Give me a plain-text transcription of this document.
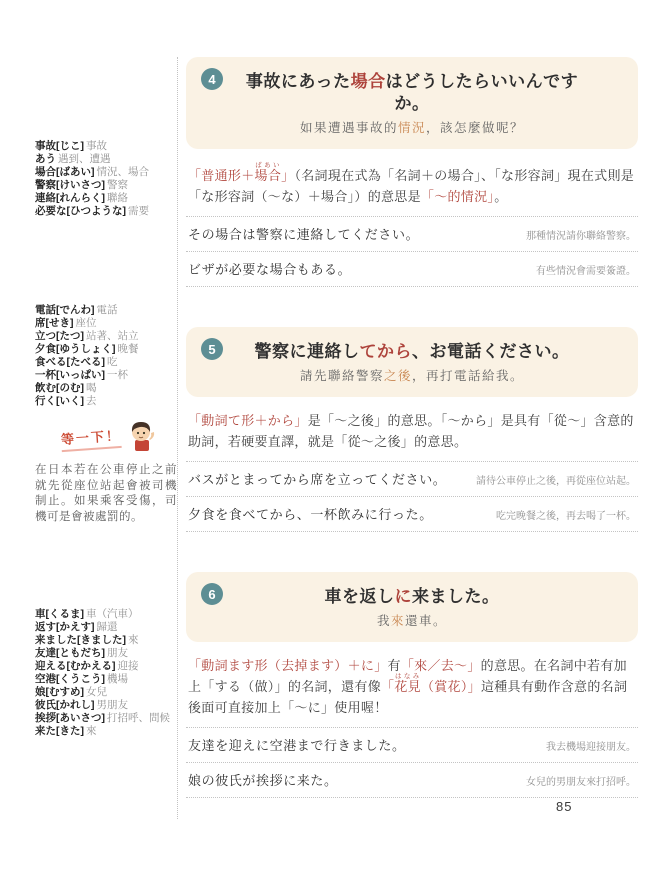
事故[じこ] 事故
あう 遇到、遭遇
場合[ばあい] 情況、場合
警察[けいさつ] 警察
連絡[れんらく] 聯絡
必要な[ひつような] 需要
電話[でんわ] 電話
席[せき] 座位
立つ[たつ] 站著、站立
夕食[ゆうしょく] 晚餐
食べる[たべる] 吃
一杯[いっぱい] 一杯
飲む[のむ] 喝
行く[いく] 去
等一下！

在日本若在公車停止之前就先從座位站起會被司機制止。如果乘客受傷，司機可是會被處罰的。

車[くるま] 車（汽車）
返す[かえす] 歸還
来ました[きました] 來
友達[ともだち] 朋友
迎える[むかえる] 迎接
空港[くうこう] 機場
娘[むすめ] 女兒
彼氏[かれし] 男朋友
挨拶[あいさつ] 打招呼、問候
来た[きた] 來
4	事故にあった場合はどうしたらいいんですか。
如果遭遇事故的情況，該怎麼做呢？

「普通形＋場合ばあい」（名詞現在式為「名詞＋の場合」、「な形容詞」現在式則是「な形容詞（～な）＋場合」）的意思是「～的情況」。

その場合は警察に連絡してください。	那種情況請你聯絡警察。
ビザが必要な場合もある。	有些情況會需要簽證。
5	警察に連絡してから、お電話ください。
請先聯絡警察之後，再打電話給我。

「動詞て形＋から」是「～之後」的意思。「～から」是具有「從～」含意的助詞，若硬要直譯，就是「從～之後」的意思。

バスがとまってから席を立ってください。	請待公車停止之後，再從座位站起。
夕食を食べてから、一杯飲みに行った。	吃完晚餐之後，再去喝了一杯。
6	車を返しに来ました。
我來還車。

「動詞ます形（去掉ます）＋に」有「來／去～」的意思。在名詞中若有加上「する（做）」的名詞，還有像「花見はなみ（賞花）」這種具有動作含意的名詞後面可直接加上「～に」使用喔！

友達を迎えに空港まで行きました。	我去機場迎接朋友。
娘の彼氏が挨拶に来た。	女兒的男朋友來打招呼。
85
